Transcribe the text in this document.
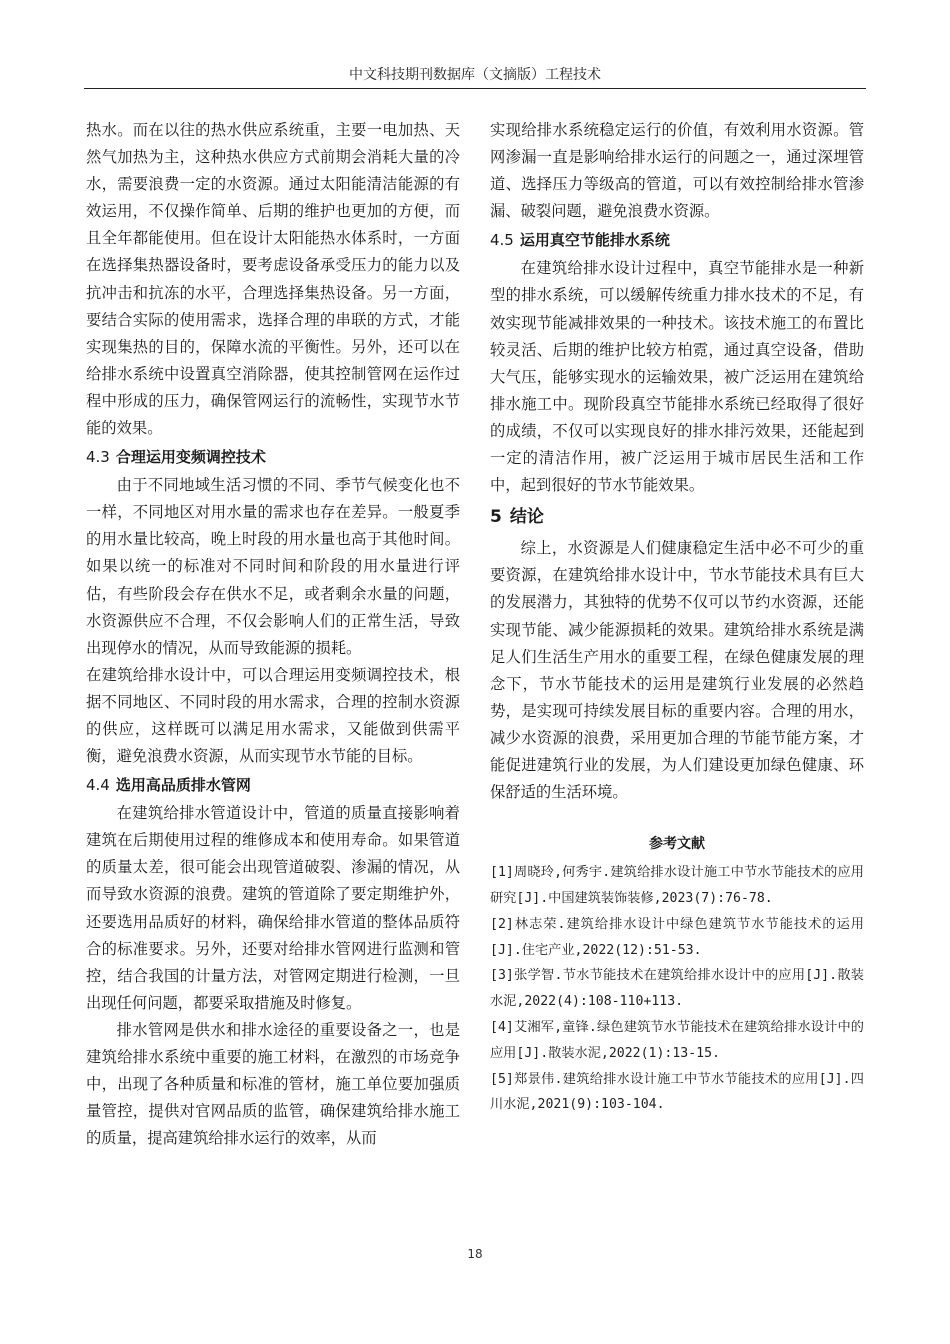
中文科技期刊数据库（文摘版）工程技术

热水。而在以往的热水供应系统重，主要一电加热、天然气加热为主，这种热水供应方式前期会消耗大量的冷水，需要浪费一定的水资源。通过太阳能清洁能源的有效运用，不仅操作简单、后期的维护也更加的方便，而且全年都能使用。但在设计太阳能热水体系时，一方面在选择集热器设备时，要考虑设备承受压力的能力以及抗冲击和抗冻的水平，合理选择集热设备。另一方面，要结合实际的使用需求，选择合理的串联的方式，才能实现集热的目的，保障水流的平衡性。另外，还可以在给排水系统中设置真空消除器，使其控制管网在运作过程中形成的压力，确保管网运行的流畅性，实现节水节能的效果。

4.3 合理运用变频调控技术

由于不同地域生活习惯的不同、季节气候变化也不一样，不同地区对用水量的需求也存在差异。一般夏季的用水量比较高，晚上时段的用水量也高于其他时间。如果以统一的标准对不同时间和阶段的用水量进行评估，有些阶段会存在供水不足，或者剩余水量的问题，水资源供应不合理，不仅会影响人们的正常生活，导致出现停水的情况，从而导致能源的损耗。

在建筑给排水设计中，可以合理运用变频调控技术，根据不同地区、不同时段的用水需求，合理的控制水资源的供应，这样既可以满足用水需求，又能做到供需平衡，避免浪费水资源，从而实现节水节能的目标。

4.4 选用高品质排水管网

在建筑给排水管道设计中，管道的质量直接影响着建筑在后期使用过程的维修成本和使用寿命。如果管道的质量太差，很可能会出现管道破裂、渗漏的情况，从而导致水资源的浪费。建筑的管道除了要定期维护外，还要选用品质好的材料，确保给排水管道的整体品质符合的标准要求。另外，还要对给排水管网进行监测和管控，结合我国的计量方法，对管网定期进行检测，一旦出现任何问题，都要采取措施及时修复。

排水管网是供水和排水途径的重要设备之一，也是建筑给排水系统中重要的施工材料，在激烈的市场竞争中，出现了各种质量和标准的管材，施工单位要加强质量管控，提供对官网品质的监管，确保建筑给排水施工的质量，提高建筑给排水运行的效率，从而

实现给排水系统稳定运行的价值，有效利用水资源。管网渗漏一直是影响给排水运行的问题之一，通过深埋管道、选择压力等级高的管道，可以有效控制给排水管渗漏、破裂问题，避免浪费水资源。

4.5 运用真空节能排水系统

在建筑给排水设计过程中，真空节能排水是一种新型的排水系统，可以缓解传统重力排水技术的不足，有效实现节能减排效果的一种技术。该技术施工的布置比较灵活、后期的维护比较方柏霓，通过真空设备，借助大气压，能够实现水的运输效果，被广泛运用在建筑给排水施工中。现阶段真空节能排水系统已经取得了很好的成绩，不仅可以实现良好的排水排污效果，还能起到一定的清洁作用，被广泛运用于城市居民生活和工作中，起到很好的节水节能效果。

5 结论

综上，水资源是人们健康稳定生活中必不可少的重要资源，在建筑给排水设计中，节水节能技术具有巨大的发展潜力，其独特的优势不仅可以节约水资源，还能实现节能、减少能源损耗的效果。建筑给排水系统是满足人们生活生产用水的重要工程，在绿色健康发展的理念下，节水节能技术的运用是建筑行业发展的必然趋势，是实现可持续发展目标的重要内容。合理的用水，减少水资源的浪费，采用更加合理的节能节能方案，才能促进建筑行业的发展，为人们建设更加绿色健康、环保舒适的生活环境。

参考文献

[1]周晓玲,何秀宇.建筑给排水设计施工中节水节能技术的应用研究[J].中国建筑装饰装修,2023(7):76-78.

[2]林志荣.建筑给排水设计中绿色建筑节水节能技术的运用[J].住宅产业,2022(12):51-53.

[3]张学智.节水节能技术在建筑给排水设计中的应用[J].散装水泥,2022(4):108-110+113.

[4]艾湘军,童锋.绿色建筑节水节能技术在建筑给排水设计中的应用[J].散装水泥,2022(1):13-15.

[5]郑景伟.建筑给排水设计施工中节水节能技术的应用[J].四川水泥,2021(9):103-104.

18
